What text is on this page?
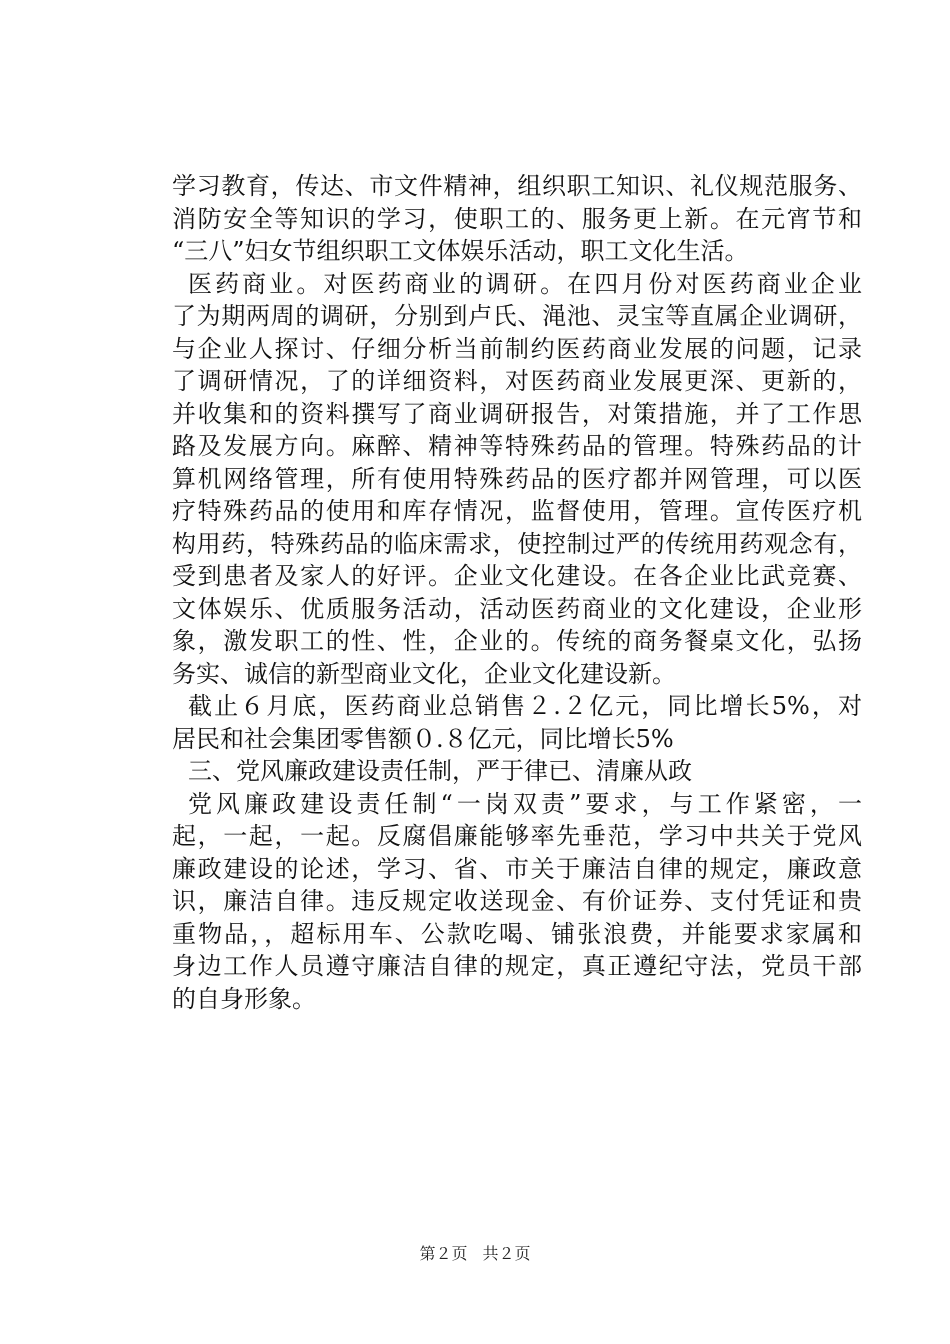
学习教育，传达、市文件精神，组织职工知识、礼仪规范服务、
消防安全等知识的学习，使职工的、服务更上新。在元宵节和
“三八”妇女节组织职工文体娱乐活动，职工文化生活。
医药商业。对医药商业的调研。在四月份对医药商业企业
了为期两周的调研，分别到卢氏、渑池、灵宝等直属企业调研，
与企业人探讨、仔细分析当前制约医药商业发展的问题，记录
了调研情况，了的详细资料，对医药商业发展更深、更新的，
并收集和的资料撰写了商业调研报告，对策措施，并了工作思
路及发展方向。麻醉、精神等特殊药品的管理。特殊药品的计
算机网络管理，所有使用特殊药品的医疗都并网管理，可以医
疗特殊药品的使用和库存情况，监督使用，管理。宣传医疗机
构用药，特殊药品的临床需求，使控制过严的传统用药观念有，
受到患者及家人的好评。企业文化建设。在各企业比武竞赛、
文体娱乐、优质服务活动，活动医药商业的文化建设，企业形
象，激发职工的性、性，企业的。传统的商务餐桌文化，弘扬
务实、诚信的新型商业文化，企业文化建设新。
截止６月底，医药商业总销售２.２亿元，同比增长5%，对
居民和社会集团零售额０.８亿元，同比增长5%
三、党风廉政建设责任制，严于律已、清廉从政
党风廉政建设责任制“一岗双责”要求，与工作紧密，一
起，一起，一起。反腐倡廉能够率先垂范，学习中共关于党风
廉政建设的论述，学习、省、市关于廉洁自律的规定，廉政意
识，廉洁自律。违反规定收送现金、有价证券、支付凭证和贵
重物品，，超标用车、公款吃喝、铺张浪费，并能要求家属和
身边工作人员遵守廉洁自律的规定，真正遵纪守法，党员干部
的自身形象。
第２页 共２页
